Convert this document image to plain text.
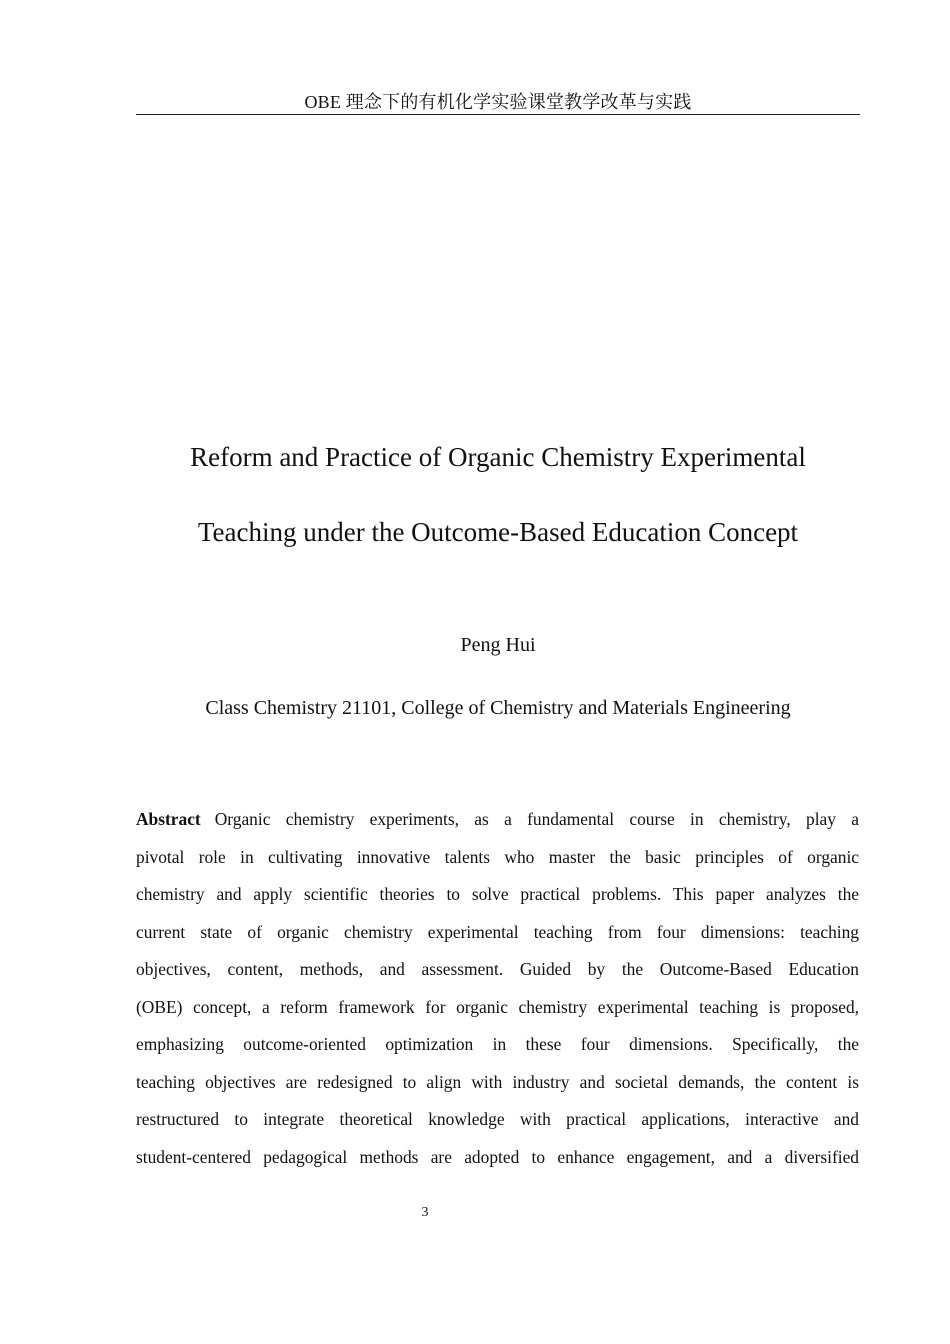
OBE 理念下的有机化学实验课堂教学改革与实践
Reform and Practice of Organic Chemistry Experimental
Teaching under the Outcome-Based Education Concept
Peng Hui
Class Chemistry 21101, College of Chemistry and Materials Engineering
Abstract Organic chemistry experiments, as a fundamental course in chemistry, play a
pivotal role in cultivating innovative talents who master the basic principles of organic
chemistry and apply scientific theories to solve practical problems. This paper analyzes the
current state of organic chemistry experimental teaching from four dimensions: teaching
objectives, content, methods, and assessment. Guided by the Outcome-Based Education
(OBE) concept, a reform framework for organic chemistry experimental teaching is proposed,
emphasizing outcome-oriented optimization in these four dimensions. Specifically, the
teaching objectives are redesigned to align with industry and societal demands, the content is
restructured to integrate theoretical knowledge with practical applications, interactive and
student-centered pedagogical methods are adopted to enhance engagement, and a diversified
3
